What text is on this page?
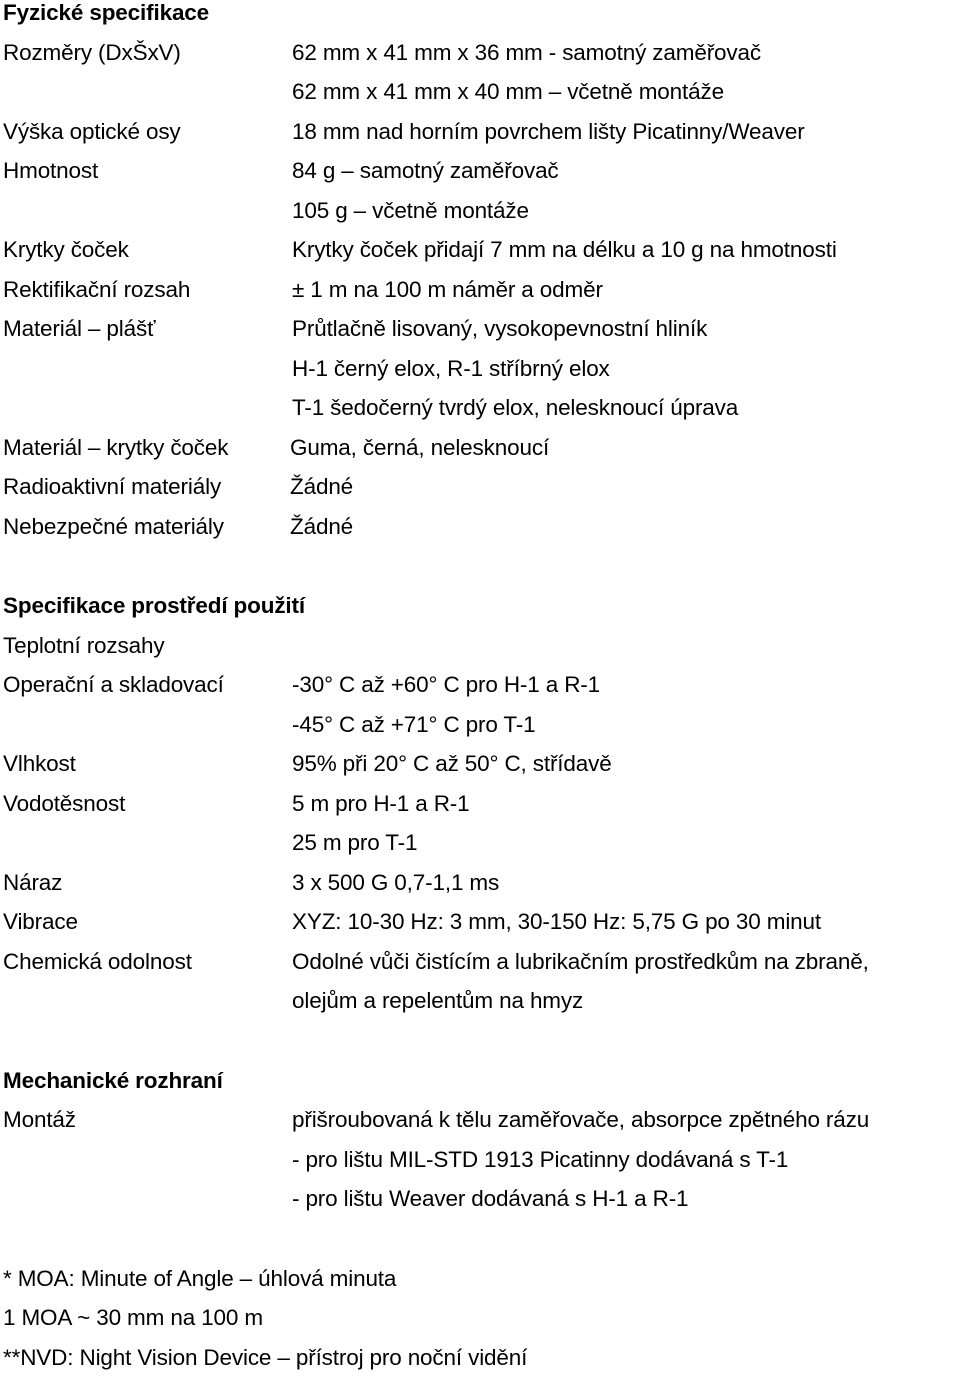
Fyzické specifikace
Rozměry (DxŠxV)	62 mm x 41 mm x 36 mm - samotný zaměřovač
62 mm x 41 mm x 40 mm – včetně montáže
Výška optické osy	18 mm nad horním povrchem lišty Picatinny/Weaver
Hmotnost	84 g – samotný zaměřovač
105 g – včetně montáže
Krytky čoček	Krytky čoček přidají 7 mm na délku a 10 g na hmotnosti
Rektifikační rozsah	± 1 m na 100 m náměr a odměr
Materiál – plášť	Průtlačně lisovaný, vysokopevnostní hliník
H-1 černý elox, R-1 stříbrný elox
T-1 šedočerný tvrdý elox, nelesknoucí úprava
Materiál – krytky čoček	Guma, černá, nelesknoucí
Radioaktivní materiály	Žádné
Nebezpečné materiály	Žádné
Specifikace prostředí použití
Teplotní rozsahy
Operační a skladovací	-30° C až +60° C pro H-1 a R-1
-45° C až +71° C pro T-1
Vlhkost	95% při 20° C až 50° C, střídavě
Vodotěsnost	5 m pro H-1 a R-1
25 m pro T-1
Náraz	3 x 500 G 0,7-1,1 ms
Vibrace	XYZ: 10-30 Hz: 3 mm, 30-150 Hz: 5,75 G po 30 minut
Chemická odolnost	Odolné vůči čistícím a lubrikačním prostředkům na zbraně,
olejům a repelentům na hmyz
Mechanické rozhraní
Montáž	přišroubovaná k tělu zaměřovače, absorpce zpětného rázu
- pro lištu MIL-STD 1913 Picatinny dodávaná s T-1
- pro lištu Weaver dodávaná s H-1 a R-1
* MOA: Minute of Angle – úhlová minuta
1 MOA ~ 30 mm na 100 m
**NVD: Night Vision Device – přístroj pro noční vidění
